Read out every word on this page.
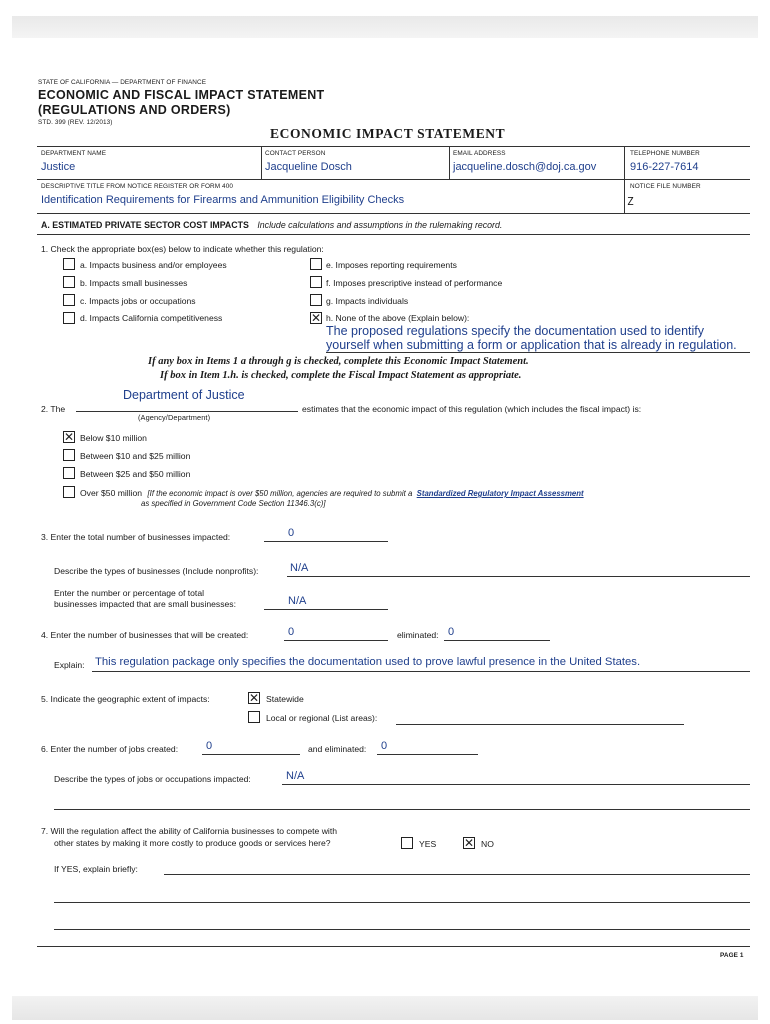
STATE OF CALIFORNIA — DEPARTMENT OF FINANCE
ECONOMIC AND FISCAL IMPACT STATEMENT
(REGULATIONS AND ORDERS)
STD. 399 (REV. 12/2013)
ECONOMIC IMPACT STATEMENT
DEPARTMENT NAME
Justice
CONTACT PERSON
Jacqueline Dosch
EMAIL ADDRESS
jacqueline.dosch@doj.ca.gov
TELEPHONE NUMBER
916-227-7614
DESCRIPTIVE TITLE FROM NOTICE REGISTER OR FORM 400
Identification Requirements for Firearms and Ammunition Eligibility Checks
NOTICE FILE NUMBER
Z
A. ESTIMATED PRIVATE SECTOR COST IMPACTS Include calculations and assumptions in the rulemaking record.
1. Check the appropriate box(es) below to indicate whether this regulation:
a. Impacts business and/or employees
b. Impacts small businesses
c. Impacts jobs or occupations
d. Impacts California competitiveness
e. Imposes reporting requirements
f. Imposes prescriptive instead of performance
g. Impacts individuals
✕ h. None of the above (Explain below):
The proposed regulations specify the documentation used to identify
yourself when submitting a form or application that is already in regulation.
If any box in Items 1 a through g is checked, complete this Economic Impact Statement.
If box in Item 1.h. is checked, complete the Fiscal Impact Statement as appropriate.
2. The
Department of Justice
(Agency/Department)
estimates that the economic impact of this regulation (which includes the fiscal impact) is:
✕ Below $10 million
Between $10 and $25 million
Between $25 and $50 million
Over $50 million [If the economic impact is over $50 million, agencies are required to submit a Standardized Regulatory Impact Assessment
as specified in Government Code Section 11346.3(c)]
3. Enter the total number of businesses impacted:	0
Describe the types of businesses (Include nonprofits):	N/A
Enter the number or percentage of total
businesses impacted that are small businesses:	N/A
4. Enter the number of businesses that will be created:	0	eliminated: 0
Explain: This regulation package only specifies the documentation used to prove lawful presence in the United States.
5. Indicate the geographic extent of impacts:	✕ Statewide
Local or regional (List areas):
6. Enter the number of jobs created:	0	and eliminated: 0
Describe the types of jobs or occupations impacted:	N/A
7. Will the regulation affect the ability of California businesses to compete with
other states by making it more costly to produce goods or services here?	YES ✕ NO
If YES, explain briefly:
PAGE 1
